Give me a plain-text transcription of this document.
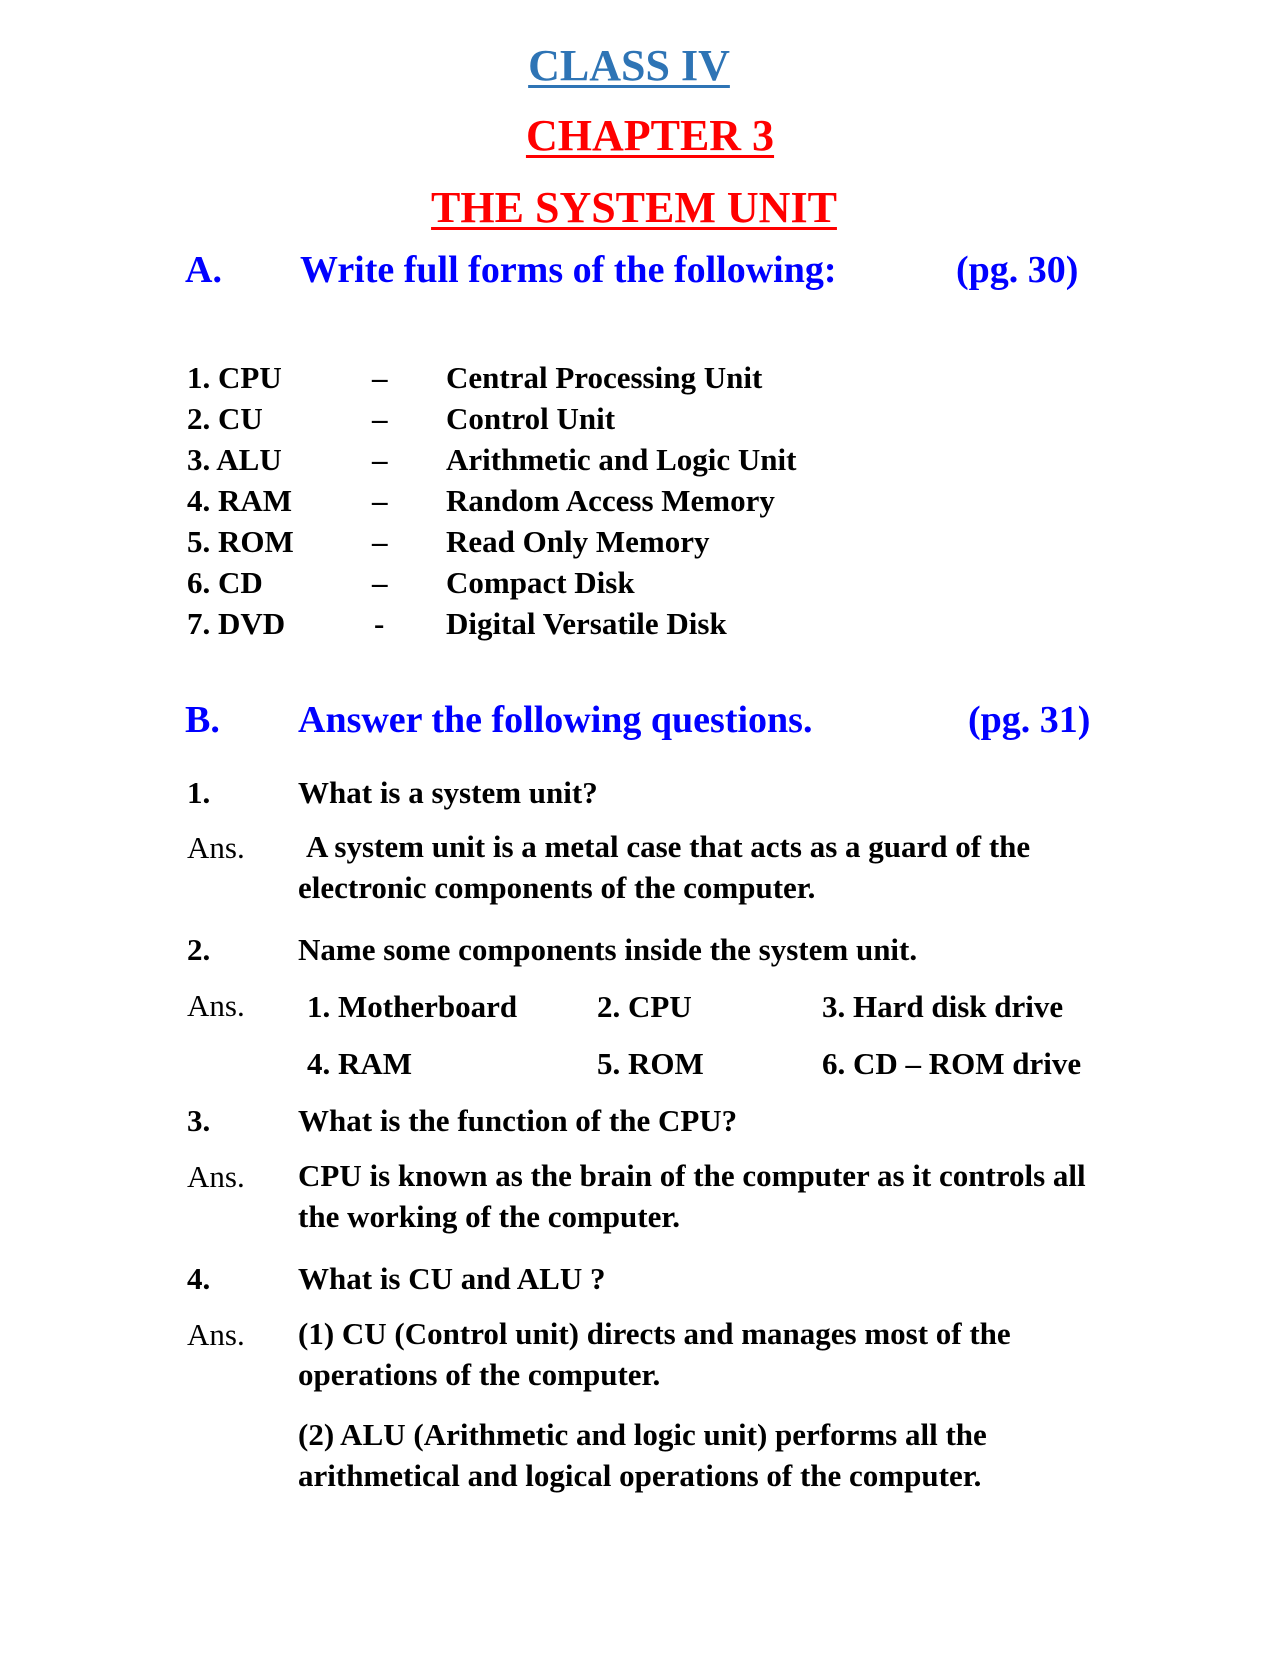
CLASS IV
CHAPTER 3
THE SYSTEM UNIT
A. Write full forms of the following:	(pg. 30)
1. CPU	– Central Processing Unit
2. CU	– Control Unit
3. ALU	– Arithmetic and Logic Unit
4. RAM	– Random Access Memory
5. ROM	– Read Only Memory
6. CD	– Compact Disk
7. DVD	- Digital Versatile Disk
B. Answer the following questions.	(pg. 31)
1.	What is a system unit?
Ans. A system unit is a metal case that acts as a guard of the electronic components of the computer.
2.	Name some components inside the system unit.
Ans. 1. Motherboard	2. CPU	3. Hard disk drive
4. RAM	5. ROM	6. CD – ROM drive
3.	What is the function of the CPU?
Ans. CPU is known as the brain of the computer as it controls all the working of the computer.
4.	What is CU and ALU ?
Ans. (1) CU (Control unit) directs and manages most of the operations of the computer.
(2) ALU (Arithmetic and logic unit) performs all the arithmetical and logical operations of the computer.
